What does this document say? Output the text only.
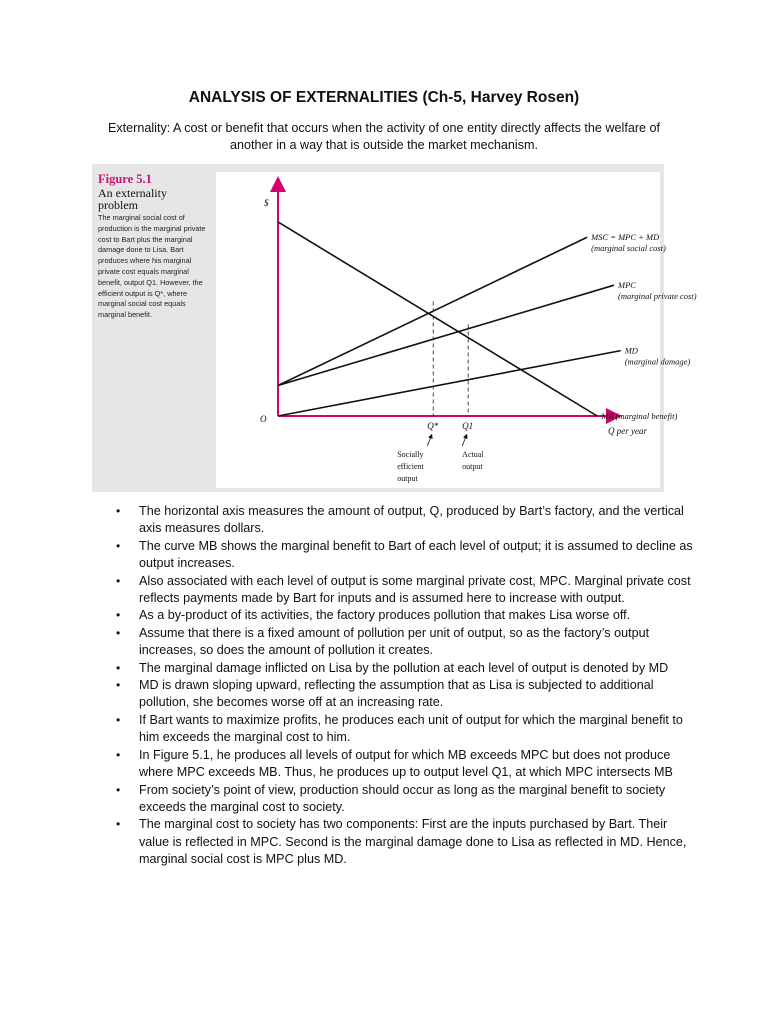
ANALYSIS OF EXTERNALITIES (Ch-5, Harvey Rosen)
Externality: A cost or benefit that occurs when the activity of one entity directly affects the welfare of another in a way that is outside the market mechanism.
Figure 5.1
An externality problem
The marginal social cost of production is the marginal private cost to Bart plus the marginal damage done to Lisa. Bart produces where his marginal private cost equals marginal benefit, output Q1. However, the efficient output is Q*, where marginal social cost equals marginal benefit.
$
O
Q per year
MSC = MPC + MD
(marginal social cost)
MPC
(marginal private cost)
MD
(marginal damage)
MB (marginal benefit)
Q*
Socially efficient output
Q1
Actual output
• The horizontal axis measures the amount of output, Q, produced by Bart’s factory, and the vertical axis measures dollars.
• The curve MB shows the marginal benefit to Bart of each level of output; it is assumed to decline as output increases.
• Also associated with each level of output is some marginal private cost, MPC. Marginal private cost reflects payments made by Bart for inputs and is assumed here to increase with output.
• As a by-product of its activities, the factory produces pollution that makes Lisa worse off.
• Assume that there is a fixed amount of pollution per unit of output, so as the factory’s output increases, so does the amount of pollution it creates.
• The marginal damage inflicted on Lisa by the pollution at each level of output is denoted by MD
• MD is drawn sloping upward, reflecting the assumption that as Lisa is subjected to additional pollution, she becomes worse off at an increasing rate.
• If Bart wants to maximize profits, he produces each unit of output for which the marginal benefit to him exceeds the marginal cost to him.
• In Figure 5.1, he produces all levels of output for which MB exceeds MPC but does not produce where MPC exceeds MB. Thus, he produces up to output level Q1, at which MPC intersects MB
• From society’s point of view, production should occur as long as the marginal benefit to society exceeds the marginal cost to society.
• The marginal cost to society has two components: First are the inputs purchased by Bart. Their value is reflected in MPC. Second is the marginal damage done to Lisa as reflected in MD. Hence, marginal social cost is MPC plus MD.
